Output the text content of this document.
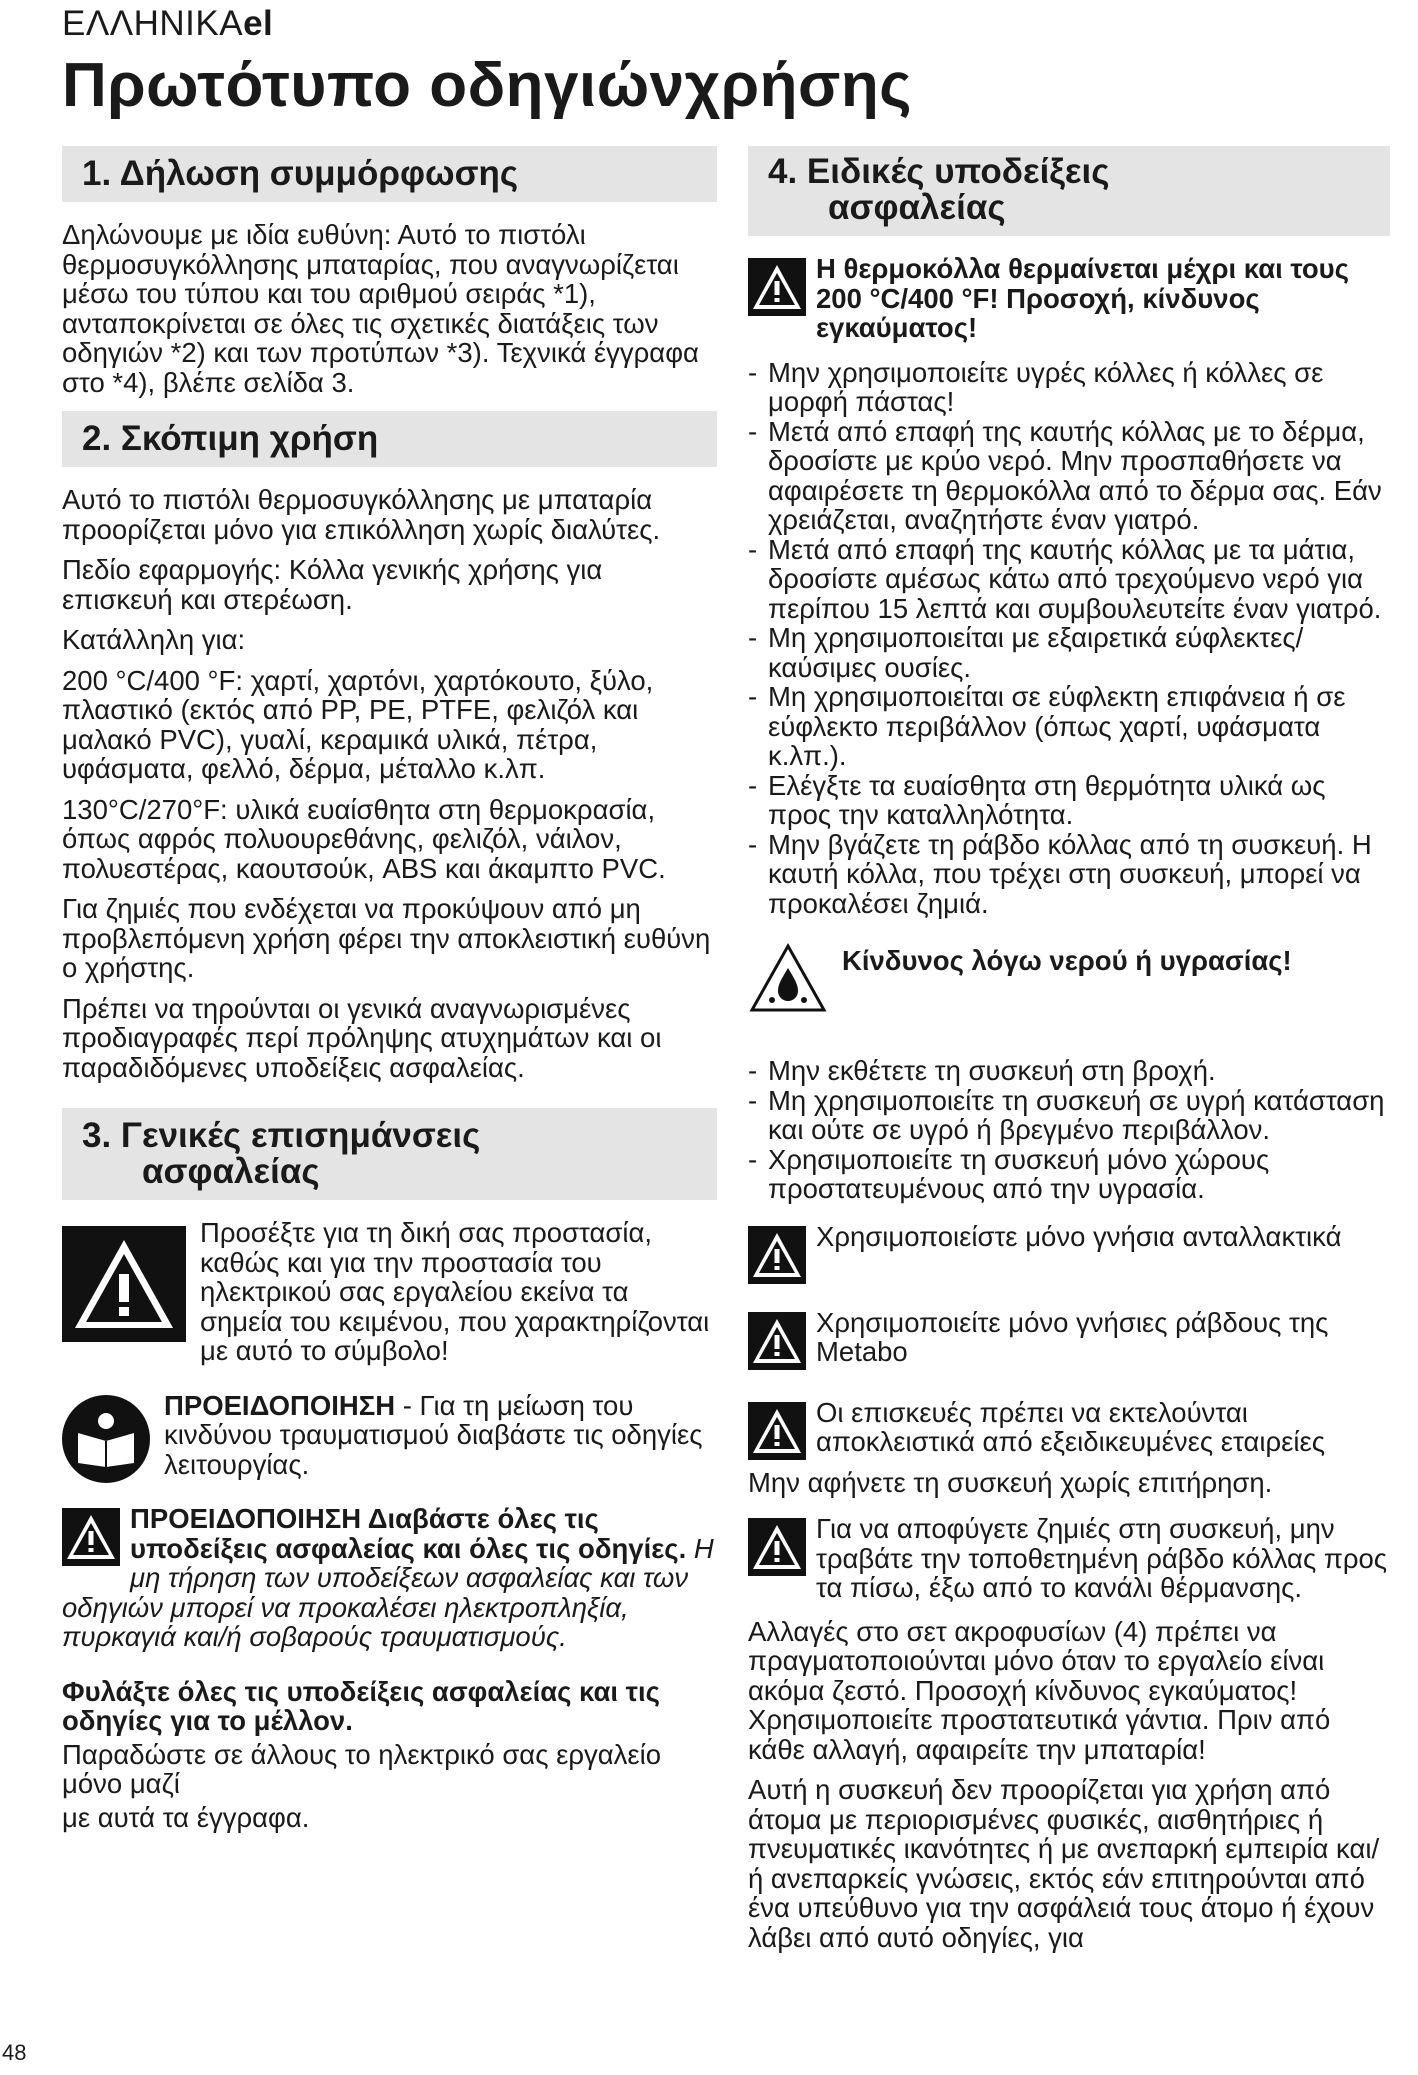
ΕΛΛΗΝΙΚΑel
Πρωτότυπο οδηγιώνχρήσης
1. Δήλωση συμμόρφωσης

Δηλώνουμε με ιδία ευθύνη: Αυτό το πιστόλι θερμοσυγκόλλησης μπαταρίας, που αναγνωρίζεται μέσω του τύπου και του αριθμού σειράς *1), ανταποκρίνεται σε όλες τις σχετικές διατάξεις των οδηγιών *2) και των προτύπων *3). Τεχνικά έγγραφα στο *4), βλέπε σελίδα 3.

2. Σκόπιμη χρήση

Αυτό το πιστόλι θερμοσυγκόλλησης με μπαταρία προορίζεται μόνο για επικόλληση χωρίς διαλύτες.

Πεδίο εφαρμογής: Κόλλα γενικής χρήσης για επισκευή και στερέωση.

Κατάλληλη για:

200 °C/400 °F: χαρτί, χαρτόνι, χαρτόκουτο, ξύλο, πλαστικό (εκτός από PP, PE, PTFE, φελιζόλ και μαλακό PVC), γυαλί, κεραμικά υλικά, πέτρα, υφάσματα, φελλό, δέρμα, μέταλλο κ.λπ.

130°C/270°F: υλικά ευαίσθητα στη θερμοκρασία, όπως αφρός πολυουρεθάνης, φελιζόλ, νάιλον, πολυεστέρας, καουτσούκ, ABS και άκαμπτο PVC.

Για ζημιές που ενδέχεται να προκύψουν από μη προβλεπόμενη χρήση φέρει την αποκλειστική ευθύνη ο χρήστης.

Πρέπει να τηρούνται οι γενικά αναγνωρισμένες προδιαγραφές περί πρόληψης ατυχημάτων και οι παραδιδόμενες υποδείξεις ασφαλείας.

3. Γενικές επισημάνσεις
ασφαλείας

Προσέξτε για τη δική σας προστασία, καθώς και για την προστασία του ηλεκτρικού σας εργαλείου εκείνα τα σημεία του κειμένου, που χαρακτηρίζονται με αυτό το σύμβολο!

ΠΡΟΕΙΔΟΠΟΙΗΣΗ - Για τη μείωση του κινδύνου τραυματισμού διαβάστε τις οδηγίες λειτουργίας.

ΠΡΟΕΙΔΟΠΟΙΗΣΗ Διαβάστε όλες τις υποδείξεις ασφαλείας και όλες τις οδηγίες. Η μη τήρηση των υποδείξεων ασφαλείας και των οδηγιών μπορεί να προκαλέσει ηλεκτροπληξία, πυρκαγιά και/ή σοβαρούς τραυματισμούς.

Φυλάξτε όλες τις υποδείξεις ασφαλείας και τις οδηγίες για το μέλλον.

Παραδώστε σε άλλους το ηλεκτρικό σας εργαλείο μόνο μαζί

με αυτά τα έγγραφα.

4. Ειδικές υποδείξεις
ασφαλείας

Η θερμοκόλλα θερμαίνεται μέχρι και τους 200 °C/400 °F! Προσοχή, κίνδυνος εγκαύματος!

- Μην χρησιμοποιείτε υγρές κόλλες ή κόλλες σε μορφή πάστας!
- Μετά από επαφή της καυτής κόλλας με το δέρμα, δροσίστε με κρύο νερό. Μην προσπαθήσετε να αφαιρέσετε τη θερμοκόλλα από το δέρμα σας. Εάν χρειάζεται, αναζητήστε έναν γιατρό.
- Μετά από επαφή της καυτής κόλλας με τα μάτια, δροσίστε αμέσως κάτω από τρεχούμενο νερό για περίπου 15 λεπτά και συμβουλευτείτε έναν γιατρό.
- Μη χρησιμοποιείται με εξαιρετικά εύφλεκτες/ καύσιμες ουσίες.
- Μη χρησιμοποιείται σε εύφλεκτη επιφάνεια ή σε εύφλεκτο περιβάλλον (όπως χαρτί, υφάσματα κ.λπ.).
- Ελέγξτε τα ευαίσθητα στη θερμότητα υλικά ως προς την καταλληλότητα.
- Μην βγάζετε τη ράβδο κόλλας από τη συσκευή. Η καυτή κόλλα, που τρέχει στη συσκευή, μπορεί να προκαλέσει ζημιά.

Κίνδυνος λόγω νερού ή υγρασίας!

- Μην εκθέτετε τη συσκευή στη βροχή.
- Μη χρησιμοποιείτε τη συσκευή σε υγρή κατάσταση και ούτε σε υγρό ή βρεγμένο περιβάλλον.
- Χρησιμοποιείτε τη συσκευή μόνο χώρους προστατευμένους από την υγρασία.

Χρησιμοποιείστε μόνο γνήσια ανταλλακτικά

Χρησιμοποιείτε μόνο γνήσιες ράβδους της Metabo

Οι επισκευές πρέπει να εκτελούνται αποκλειστικά από εξειδικευμένες εταιρείες

Μην αφήνετε τη συσκευή χωρίς επιτήρηση.

Για να αποφύγετε ζημιές στη συσκευή, μην τραβάτε την τοποθετημένη ράβδο κόλλας προς τα πίσω, έξω από το κανάλι θέρμανσης.

Αλλαγές στο σετ ακροφυσίων (4) πρέπει να πραγματοποιούνται μόνο όταν το εργαλείο είναι ακόμα ζεστό. Προσοχή κίνδυνος εγκαύματος! Χρησιμοποιείτε προστατευτικά γάντια. Πριν από κάθε αλλαγή, αφαιρείτε την μπαταρία!

Αυτή η συσκευή δεν προορίζεται για χρήση από άτομα με περιορισμένες φυσικές, αισθητήριες ή πνευματικές ικανότητες ή με ανεπαρκή εμπειρία και/ή ανεπαρκείς γνώσεις, εκτός εάν επιτηρούνται από ένα υπεύθυνο για την ασφάλειά τους άτομο ή έχουν λάβει από αυτό οδηγίες, για

48
